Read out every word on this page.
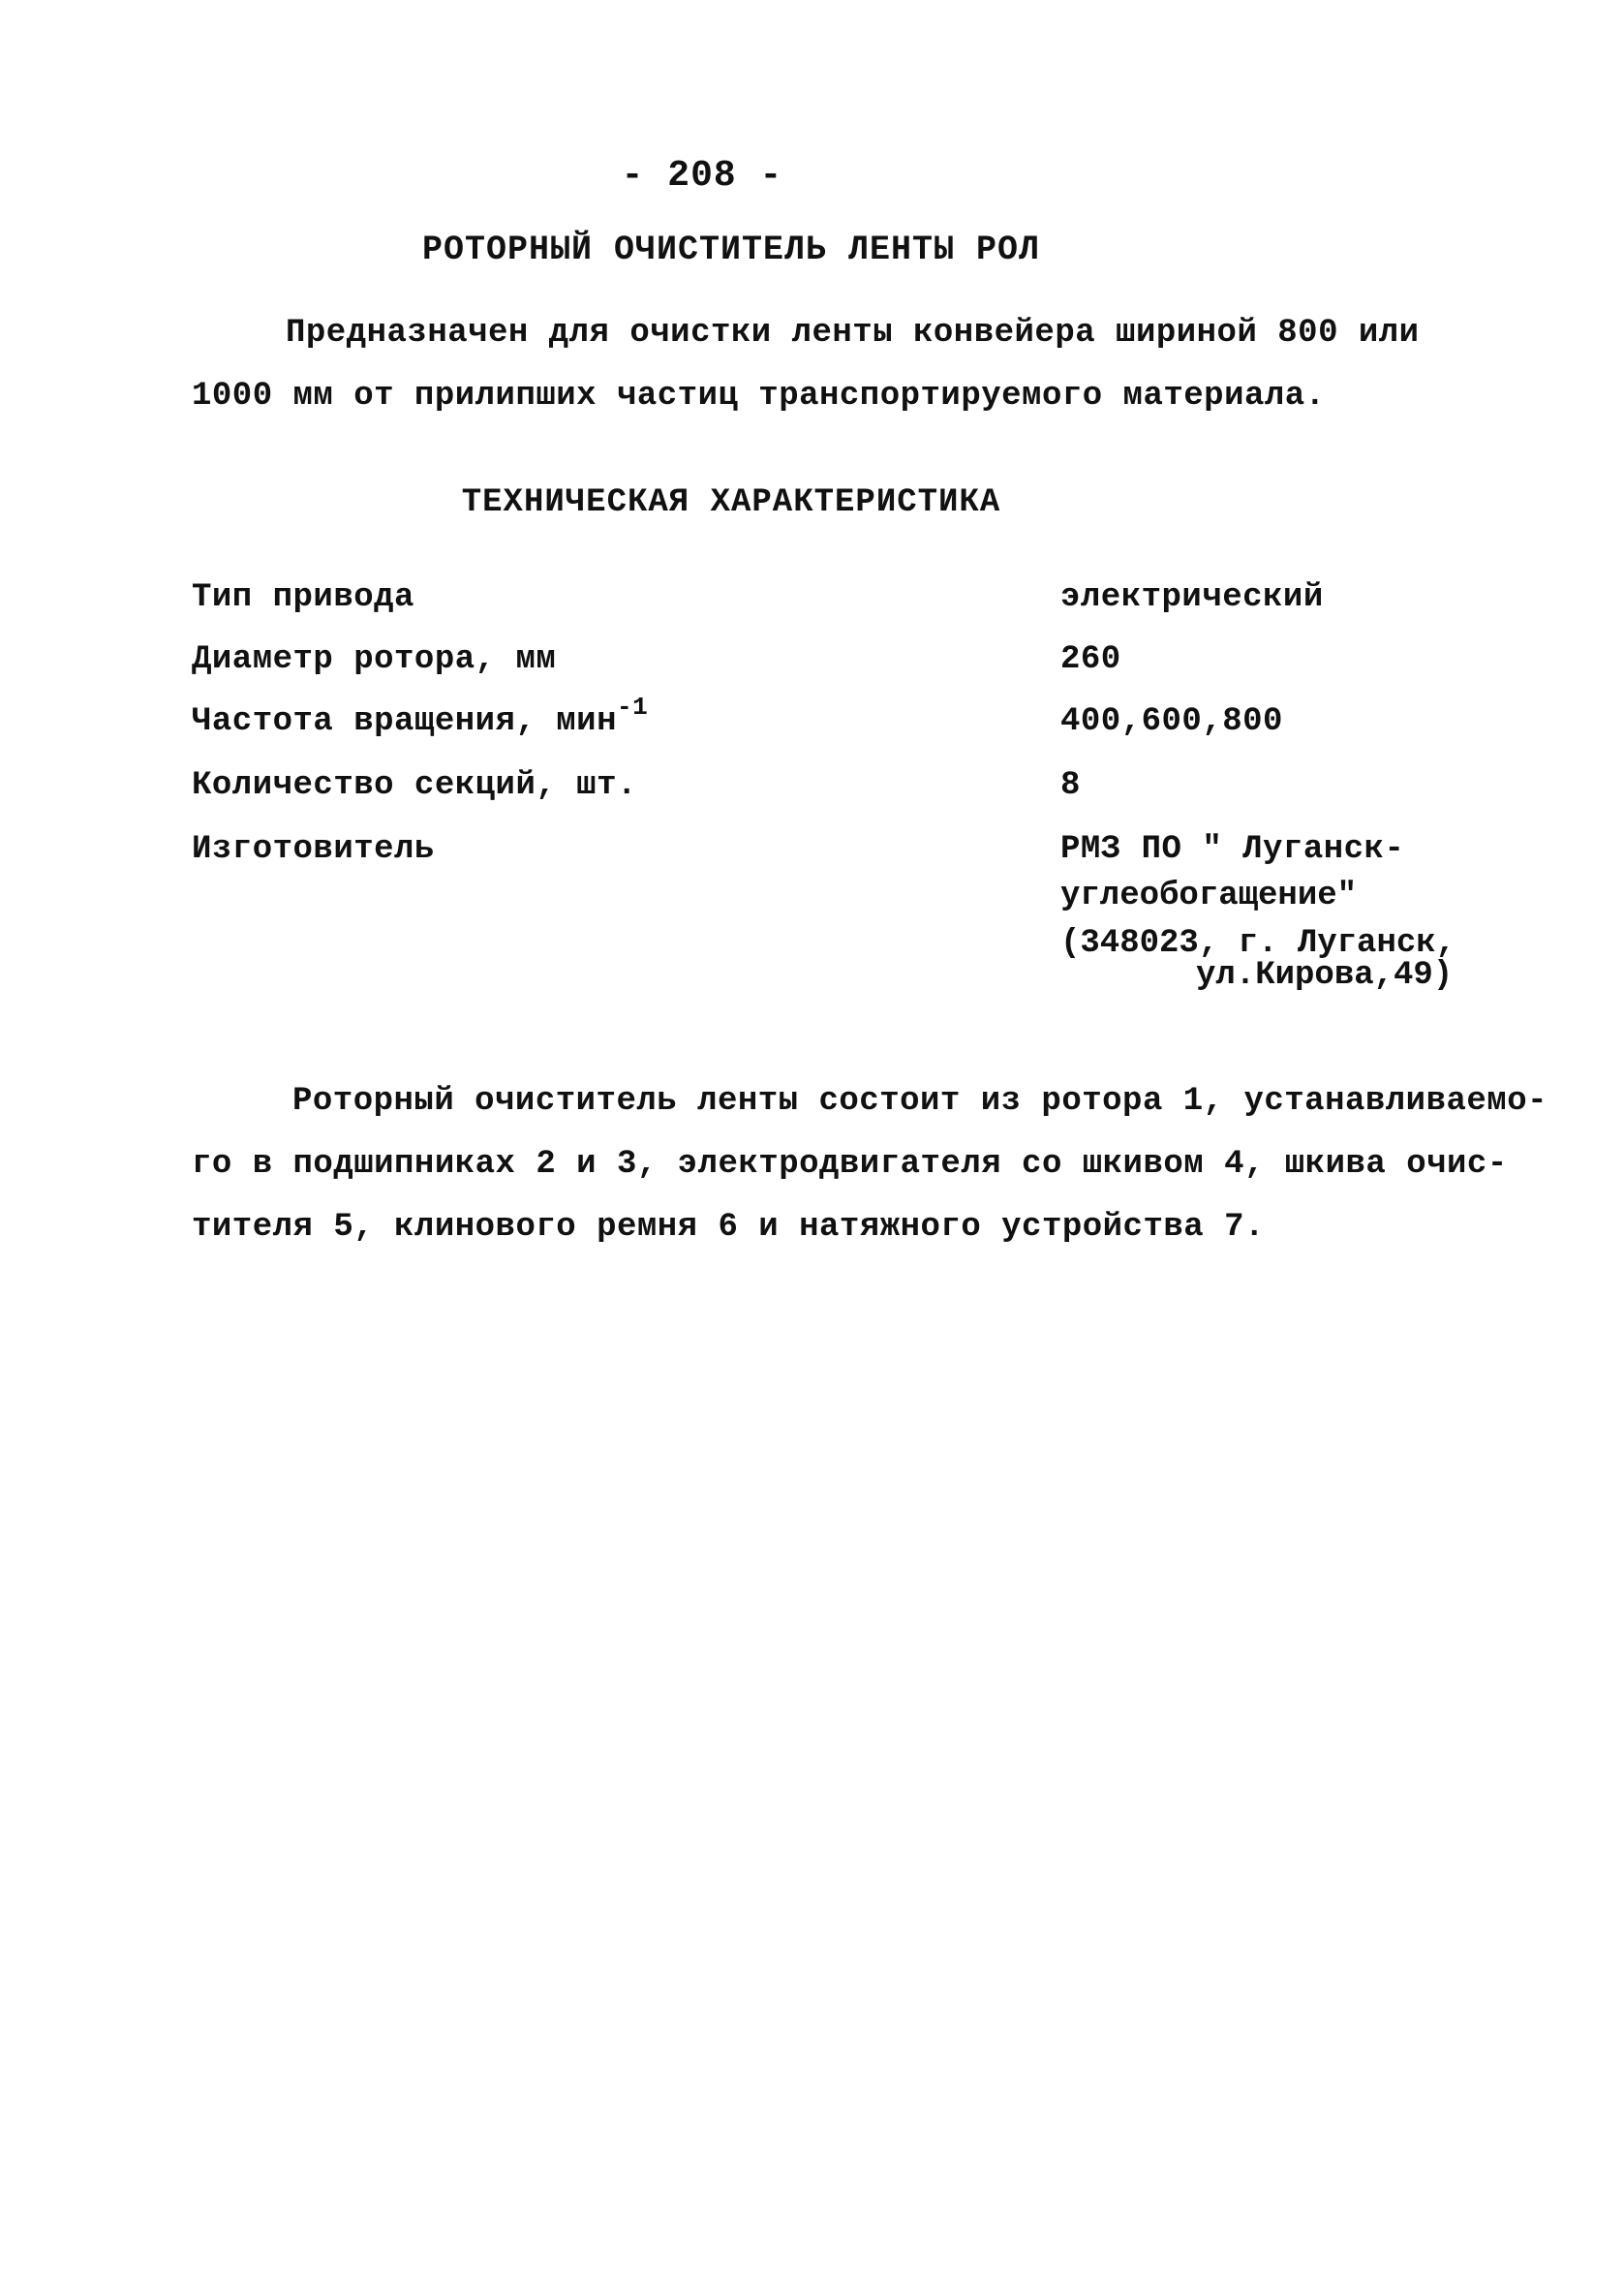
- 208 -
РОТОРНЫЙ ОЧИСТИТЕЛЬ ЛЕНТЫ РОЛ
Предназначен для очистки ленты конвейера шириной 800 или
1000 мм от прилипших частиц транспортируемого материала.
ТЕХНИЧЕСКАЯ ХАРАКТЕРИСТИКА
Тип привода	электрический
Диаметр ротора, мм	260
Частота вращения, мин$^{-1}$	400,600,800
Количество секций, шт.	8
Изготовитель	РМЗ ПО " Луганск-
углеобогащение"
(348023, г. Луганск,
ул.Кирова,49)
Роторный очиститель ленты состоит из ротора 1, устанавливаемо-
го в подшипниках 2 и 3, электродвигателя со шкивом 4, шкива очис-
тителя 5, клинового ремня 6 и натяжного устройства 7.
